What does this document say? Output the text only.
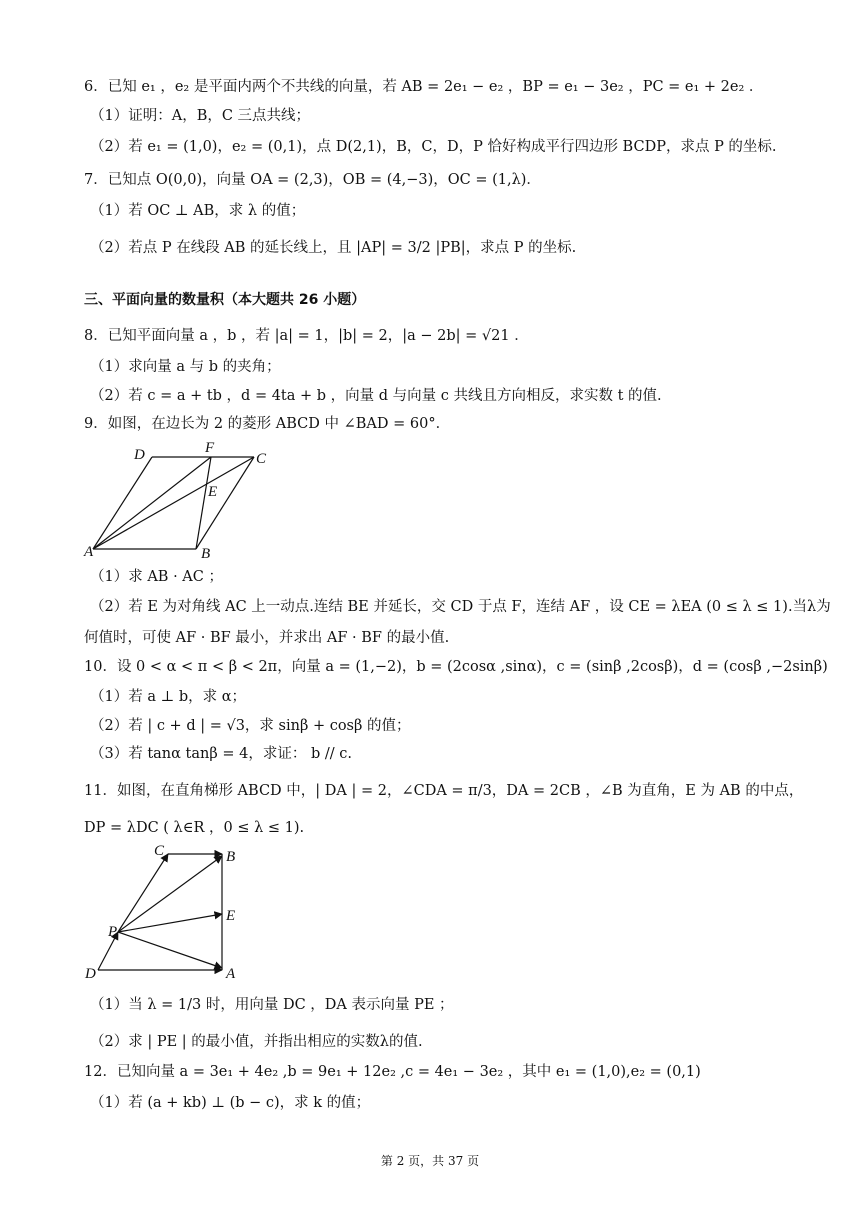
6．已知 e₁ ，e₂ 是平面内两个不共线的向量，若 AB = 2e₁ − e₂ ，BP = e₁ − 3e₂ ，PC = e₁ + 2e₂ ．
（1）证明：A，B，C 三点共线；
（2）若 e₁ = (1,0)，e₂ = (0,1)，点 D(2,1)，B，C，D，P 恰好构成平行四边形 BCDP，求点 P 的坐标.
7．已知点 O(0,0)，向量 OA = (2,3)，OB = (4,−3)，OC = (1,λ)．
（1）若 OC ⊥ AB，求 λ 的值；
（2）若点 P 在线段 AB 的延长线上，且 |AP| = 3/2 |PB|，求点 P 的坐标.
三、平面向量的数量积（本大题共 26 小题）
8．已知平面向量 a ，b ，若 |a| = 1，|b| = 2，|a − 2b| = √21 ．
（1）求向量 a 与 b 的夹角；
（2）若 c = a + tb ，d = 4ta + b ，向量 d 与向量 c 共线且方向相反，求实数 t 的值.
9．如图，在边长为 2 的菱形 ABCD 中 ∠BAD = 60°．
D	F
C
E
A	B
（1）求 AB · AC ；
（2）若 E 为对角线 AC 上一动点.连结 BE 并延长，交 CD 于点 F，连结 AF ，设 CE = λEA (0 ≤ λ ≤ 1).当λ为
何值时，可使 AF · BF 最小，并求出 AF · BF 的最小值.
10．设 0 < α < π < β < 2π，向量 a = (1,−2)，b = (2cosα ,sinα)，c = (sinβ ,2cosβ)，d = (cosβ ,−2sinβ)
（1）若 a ⊥ b，求 α；
（2）若 | c + d | = √3，求 sinβ + cosβ 的值；
（3）若 tanα tanβ = 4，求证： b // c.
11．如图，在直角梯形 ABCD 中，| DA | = 2，∠CDA = π/3，DA = 2CB ，∠B 为直角，E 为 AB 的中点，
DP = λDC ( λ∈R ，0 ≤ λ ≤ 1).
C	B
E
P
D	A
（1）当 λ = 1/3 时，用向量 DC ，DA 表示向量 PE ；
（2）求 | PE | 的最小值，并指出相应的实数λ的值.
12．已知向量 a = 3e₁ + 4e₂ ,b = 9e₁ + 12e₂ ,c = 4e₁ − 3e₂ ，其中 e₁ = (1,0),e₂ = (0,1)
（1）若 (a + kb) ⊥ (b − c)，求 k 的值；
第 2 页，共 37 页
